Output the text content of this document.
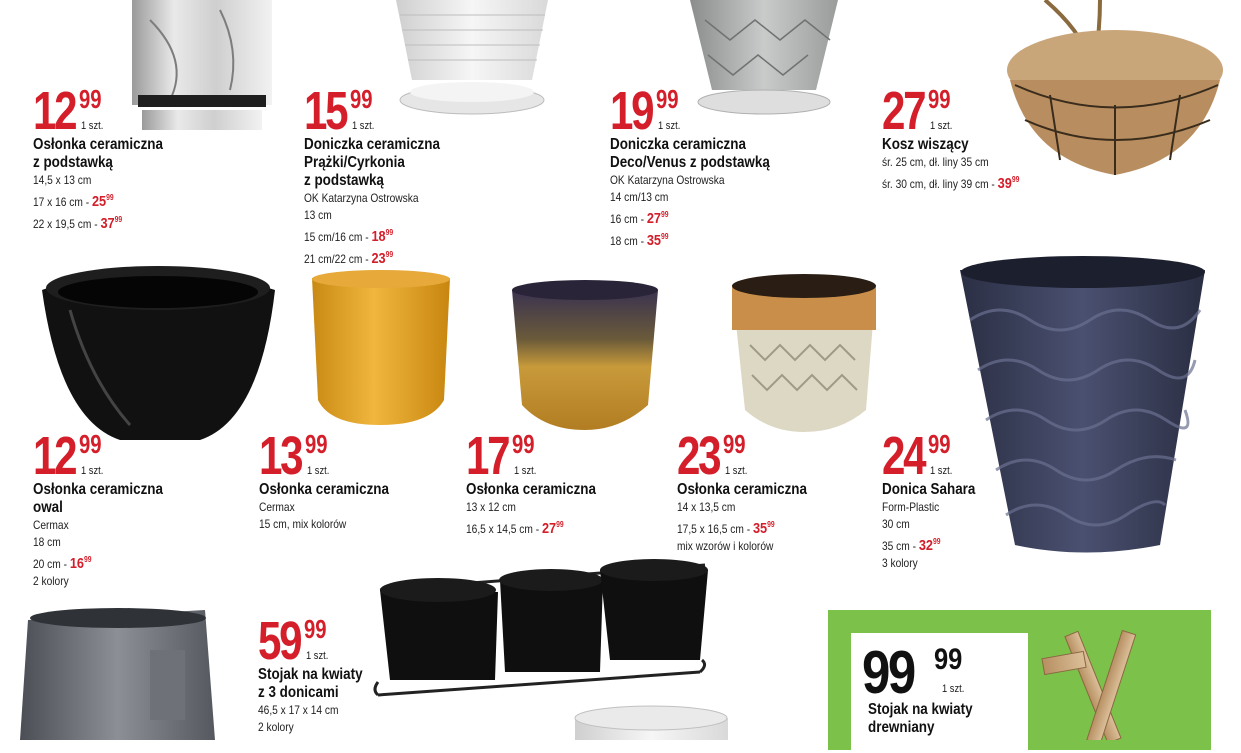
12 99
1 szt.
Osłonka ceramiczna
z podstawką
14,5 x 13 cm
17 x 16 cm - $25^{99}$
22 x 19,5 cm - $37^{99}$
15 99
1 szt.
Doniczka ceramiczna
Prążki/Cyrkonia
z podstawką
OK Katarzyna Ostrowska
13 cm
15 cm/16 cm - $18^{99}$
21 cm/22 cm - $23^{99}$
19 99
1 szt.
Doniczka ceramiczna
Deco/Venus z podstawką
OK Katarzyna Ostrowska
14 cm/13 cm
16 cm - $27^{99}$
18 cm - $35^{99}$
27 99
1 szt.
Kosz wiszący
śr. 25 cm, dł. liny 35 cm
śr. 30 cm, dł. liny 39 cm - $39^{99}$
12 99
1 szt.
Osłonka ceramiczna
owal
Cermax
18 cm
20 cm - $16^{99}$
2 kolory
13 99
1 szt.
Osłonka ceramiczna
Cermax
15 cm, mix kolorów
17 99
1 szt.
Osłonka ceramiczna
13 x 12 cm
16,5 x 14,5 cm - $27^{99}$
23 99
1 szt.
Osłonka ceramiczna
14 x 13,5 cm
17,5 x 16,5 cm - $35^{99}$
mix wzorów i kolorów
24 99
1 szt.
Donica Sahara
Form-Plastic
30 cm
35 cm - $32^{99}$
3 kolory
59 99
1 szt.
Stojak na kwiaty
z 3 donicami
46,5 x 17 x 14 cm
2 kolory
99 99
1 szt.
Stojak na kwiaty
drewniany
